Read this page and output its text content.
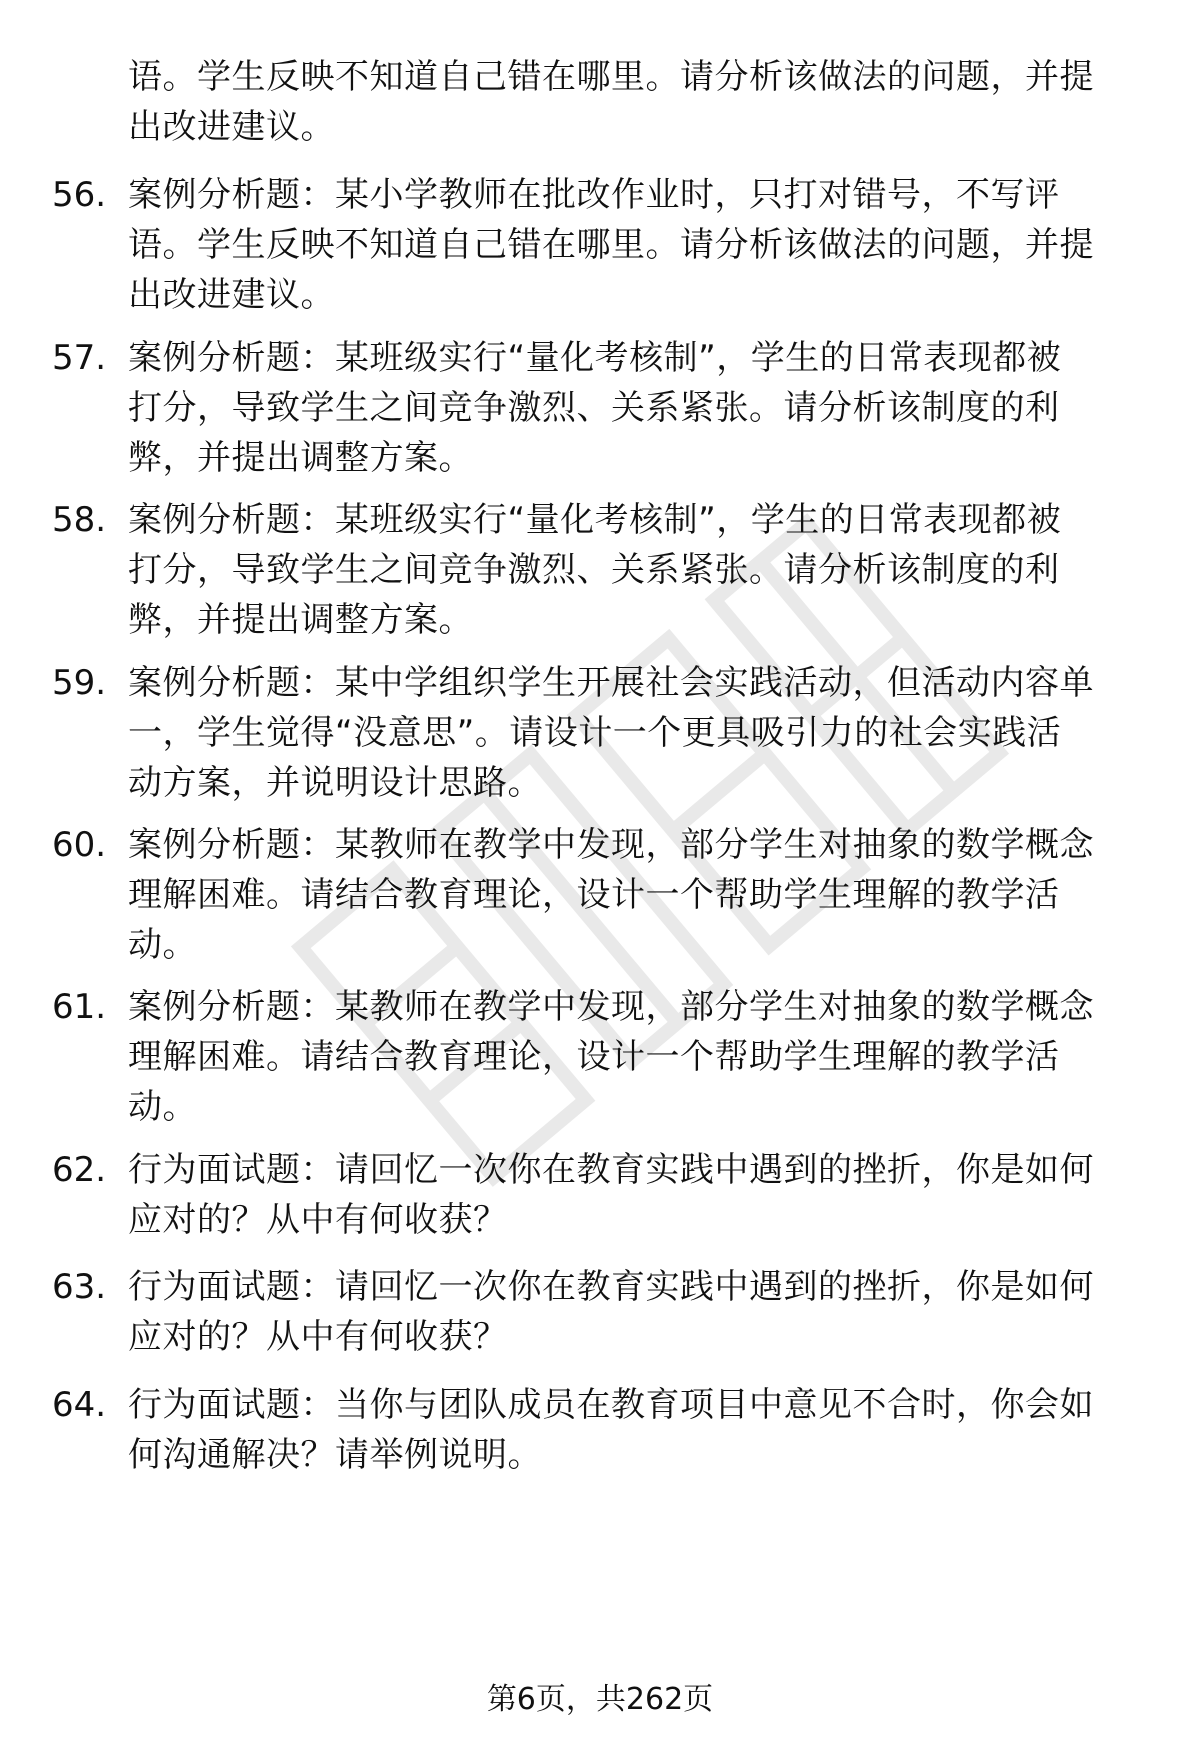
语。学生反映不知道自己错在哪里。请分析该做法的问题，并提
出改进建议。
56. 案例分析题：某小学教师在批改作业时，只打对错号，不写评
语。学生反映不知道自己错在哪里。请分析该做法的问题，并提
出改进建议。
57. 案例分析题：某班级实行“量化考核制”，学生的日常表现都被
打分，导致学生之间竞争激烈、关系紧张。请分析该制度的利
弊，并提出调整方案。
58. 案例分析题：某班级实行“量化考核制”，学生的日常表现都被
打分，导致学生之间竞争激烈、关系紧张。请分析该制度的利
弊，并提出调整方案。
59. 案例分析题：某中学组织学生开展社会实践活动，但活动内容单
一，学生觉得“没意思”。请设计一个更具吸引力的社会实践活
动方案，并说明设计思路。
60. 案例分析题：某教师在教学中发现，部分学生对抽象的数学概念
理解困难。请结合教育理论，设计一个帮助学生理解的教学活
动。
61. 案例分析题：某教师在教学中发现，部分学生对抽象的数学概念
理解困难。请结合教育理论，设计一个帮助学生理解的教学活
动。
62. 行为面试题：请回忆一次你在教育实践中遇到的挫折，你是如何
应对的？从中有何收获？
63. 行为面试题：请回忆一次你在教育实践中遇到的挫折，你是如何
应对的？从中有何收获？
64. 行为面试题：当你与团队成员在教育项目中意见不合时，你会如
何沟通解决？请举例说明。
第6页，共262页
